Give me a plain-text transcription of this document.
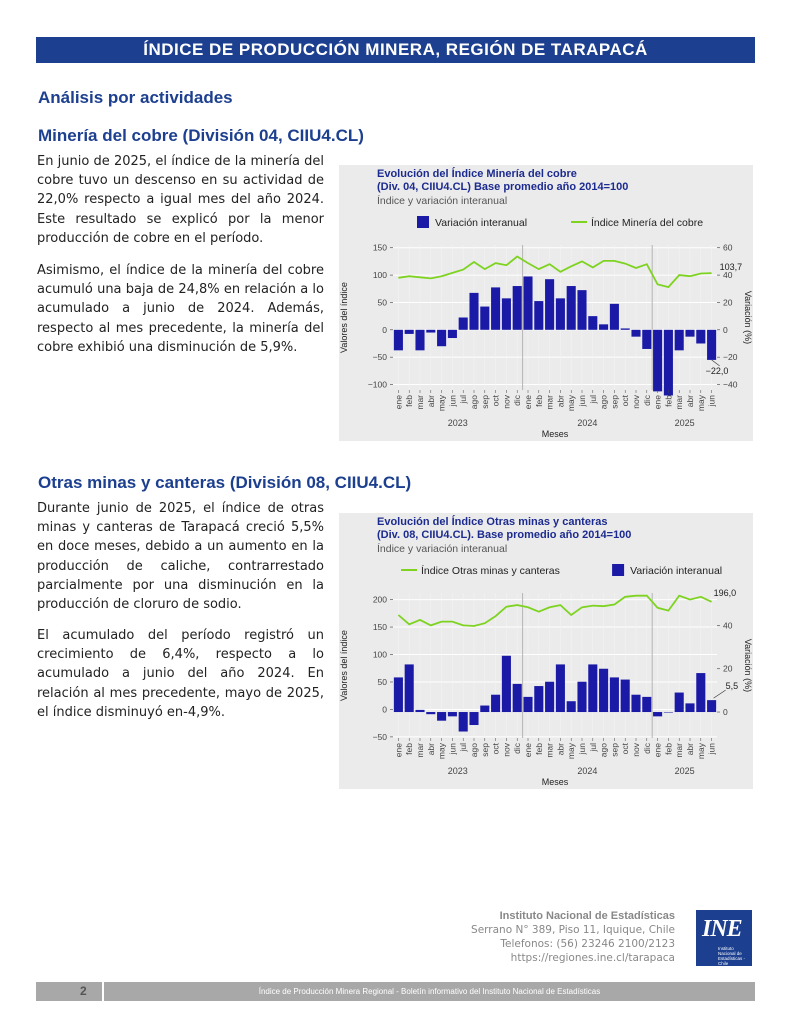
ÍNDICE DE PRODUCCIÓN MINERA, REGIÓN DE TARAPACÁ
Análisis por actividades
Minería del cobre (División 04, CIIU4.CL)

En junio de 2025, el índice de la minería del cobre tuvo un descenso en su actividad de 22,0% respecto a igual mes del año 2024. Este resultado se explicó por la menor producción de cobre en el período.

Asimismo, el índice de la minería del cobre acumuló una baja de 24,8% en relación a lo acumulado a junio de 2024. Además, respecto al mes precedente, la minería del cobre exhibió una disminución de 5,9%.

Evolución del Índice Minería del cobre
(Div. 04, CIIU4.CL) Base promedio año 2014=100
Índice y variación interanual
150
100
50
0
−50
−100
60
40
20
0
−20
−40
103,7
−22,0
ene feb mar abr may jun jul ago sep oct nov dic ene feb mar abr may jun jul ago sep oct nov dic ene feb mar abr may jun
2023	2024	2025
Meses
Valores del índice	Variación (%)
Variación interanual	Índice Minería del cobre
Otras minas y canteras (División 08, CIIU4.CL)

Durante junio de 2025, el índice de otras minas y canteras de Tarapacá creció 5,5% en doce meses, debido a un aumento en la producción de caliche, contrarrestado parcialmente por una disminución en la producción de cloruro de sodio.

El acumulado del período registró un crecimiento de 6,4%, respecto a lo acumulado a junio del año 2024. En relación al mes precedente, mayo de 2025, el índice disminuyó en-4,9%.

Evolución del Índice Otras minas y canteras
(Div. 08, CIIU4.CL). Base promedio año 2014=100
Índice y variación interanual
200
150
100
50
0
−50
40
20
0
196,0
5,5
ene feb mar abr may jun jul ago sep oct nov dic ene feb mar abr may jun jul ago sep oct nov dic ene feb mar abr may jun
2023	2024	2025
Meses
Valores del índice	Variación (%)
Índice Otras minas y canteras	Variación interanual
Instituto Nacional de Estadísticas
Serrano N° 389, Piso 11, Iquique, Chile
Telefonos: (56) 23246 2100/2123
https://regiones.ine.cl/tarapaca
INE
Instituto Nacional de Estadísticas - Chile
2	Índice de Producción Minera Regional - Boletín informativo del Instituto Nacional de Estadísticas
